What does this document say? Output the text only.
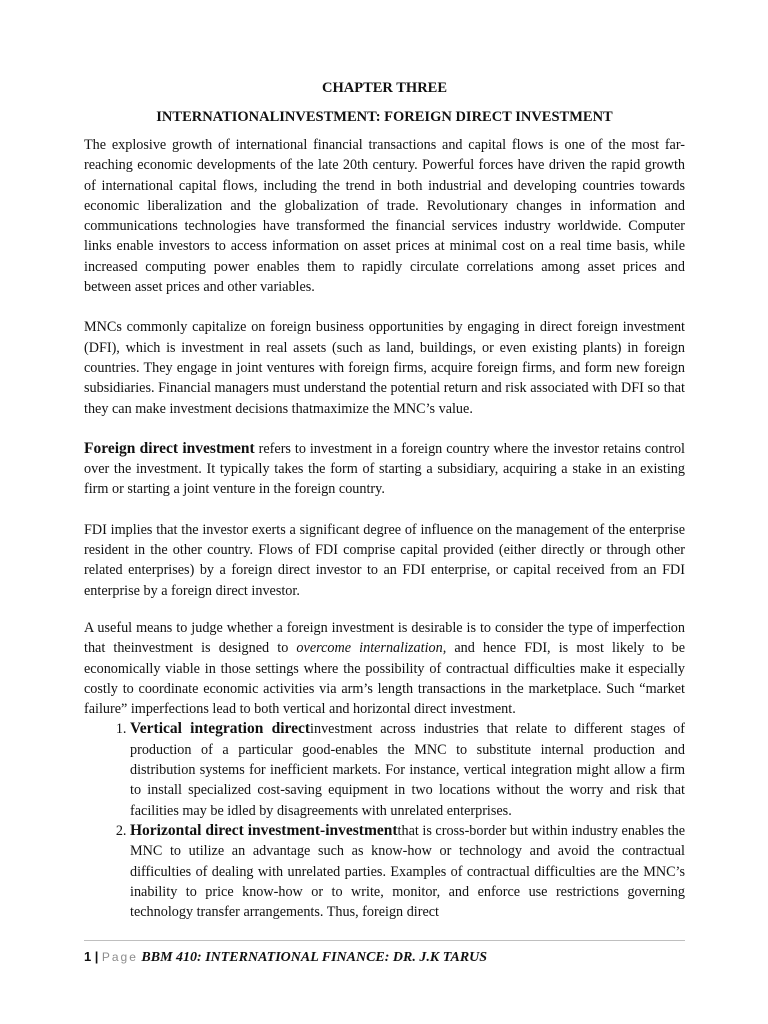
CHAPTER THREE
INTERNATIONALINVESTMENT: FOREIGN DIRECT INVESTMENT

The explosive growth of international financial transactions and capital flows is one of the most far-reaching economic developments of the late 20th century. Powerful forces have driven the rapid growth of international capital flows, including the trend in both industrial and developing countries towards economic liberalization and the globalization of trade. Revolutionary changes in information and communications technologies have transformed the financial services industry worldwide. Computer links enable investors to access information on asset prices at minimal cost on a real time basis, while increased computing power enables them to rapidly circulate correlations among asset prices and between asset prices and other variables.

MNCs commonly capitalize on foreign business opportunities by engaging in direct foreign investment (DFI), which is investment in real assets (such as land, buildings, or even existing plants) in foreign countries. They engage in joint ventures with foreign firms, acquire foreign firms, and form new foreign subsidiaries. Financial managers must understand the potential return and risk associated with DFI so that they can make investment decisions thatmaximize the MNC’s value.

Foreign direct investment refers to investment in a foreign country where the investor retains control over the investment. It typically takes the form of starting a subsidiary, acquiring a stake in an existing firm or starting a joint venture in the foreign country.

FDI implies that the investor exerts a significant degree of influence on the management of the enterprise resident in the other country. Flows of FDI comprise capital provided (either directly or through other related enterprises) by a foreign direct investor to an FDI enterprise, or capital received from an FDI enterprise by a foreign direct investor.

A useful means to judge whether a foreign investment is desirable is to consider the type of imperfection that theinvestment is designed to overcome internalization, and hence FDI, is most likely to be economically viable in those settings where the possibility of contractual difficulties make it especially costly to coordinate economic activities via arm’s length transactions in the marketplace. Such “market failure” imperfections lead to both vertical and horizontal direct investment.

1. Vertical integration directinvestment across industries that relate to different stages of production of a particular good-enables the MNC to substitute internal production and distribution systems for inefficient markets. For instance, vertical integration might allow a firm to install specialized cost-saving equipment in two locations without the worry and risk that facilities may be idled by disagreements with unrelated enterprises.
2. Horizontal direct investment-investmentthat is cross-border but within industry enables the MNC to utilize an advantage such as know-how or technology and avoid the contractual difficulties of dealing with unrelated parties. Examples of contractual difficulties are the MNC’s inability to price know-how or to write, monitor, and enforce use restrictions governing technology transfer arrangements. Thus, foreign direct
1 | Page BBM 410: INTERNATIONAL FINANCE: DR. J.K TARUS
